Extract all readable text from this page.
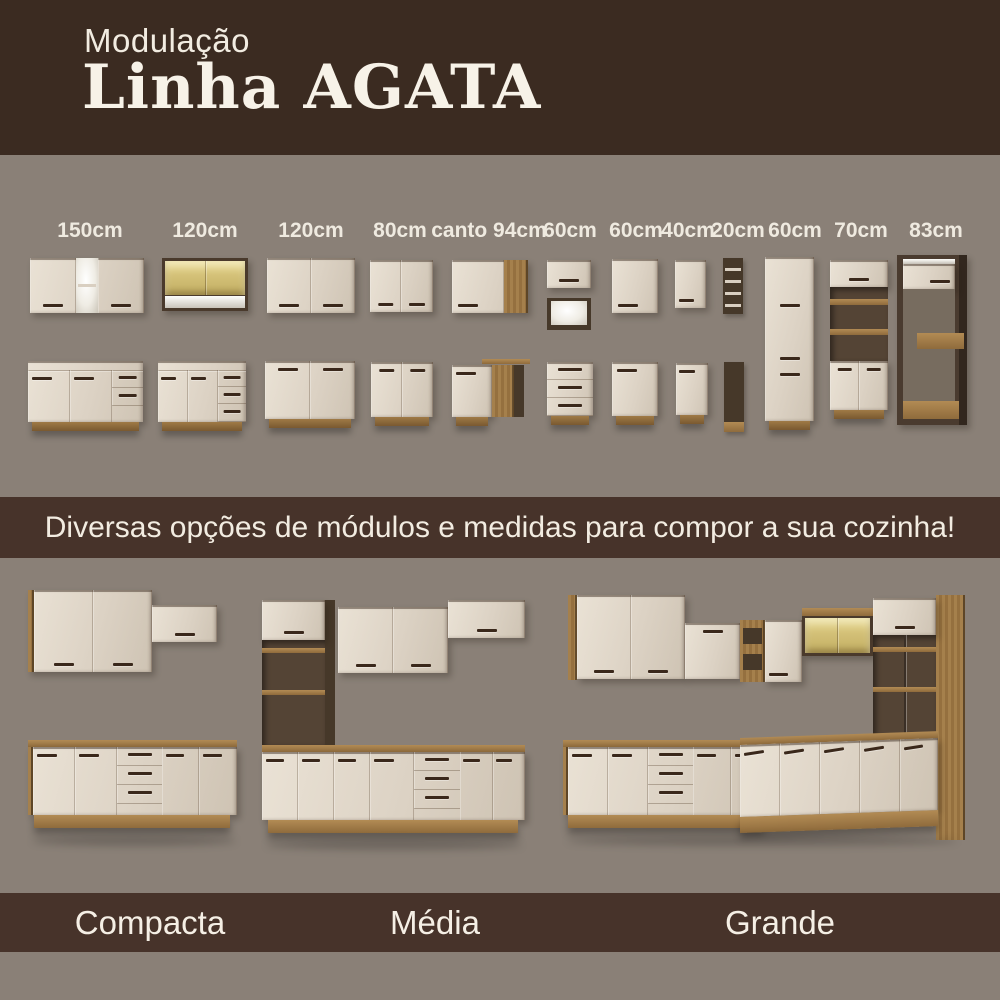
Modulação
Linha AGATA
150cm 120cm 120cm 80cm canto 94cm
60cm 60cm
40cm
20cm 60cm 70cm 83cm
Diversas opções de módulos e medidas para compor a sua cozinha!
Compacta	Média	Grande
